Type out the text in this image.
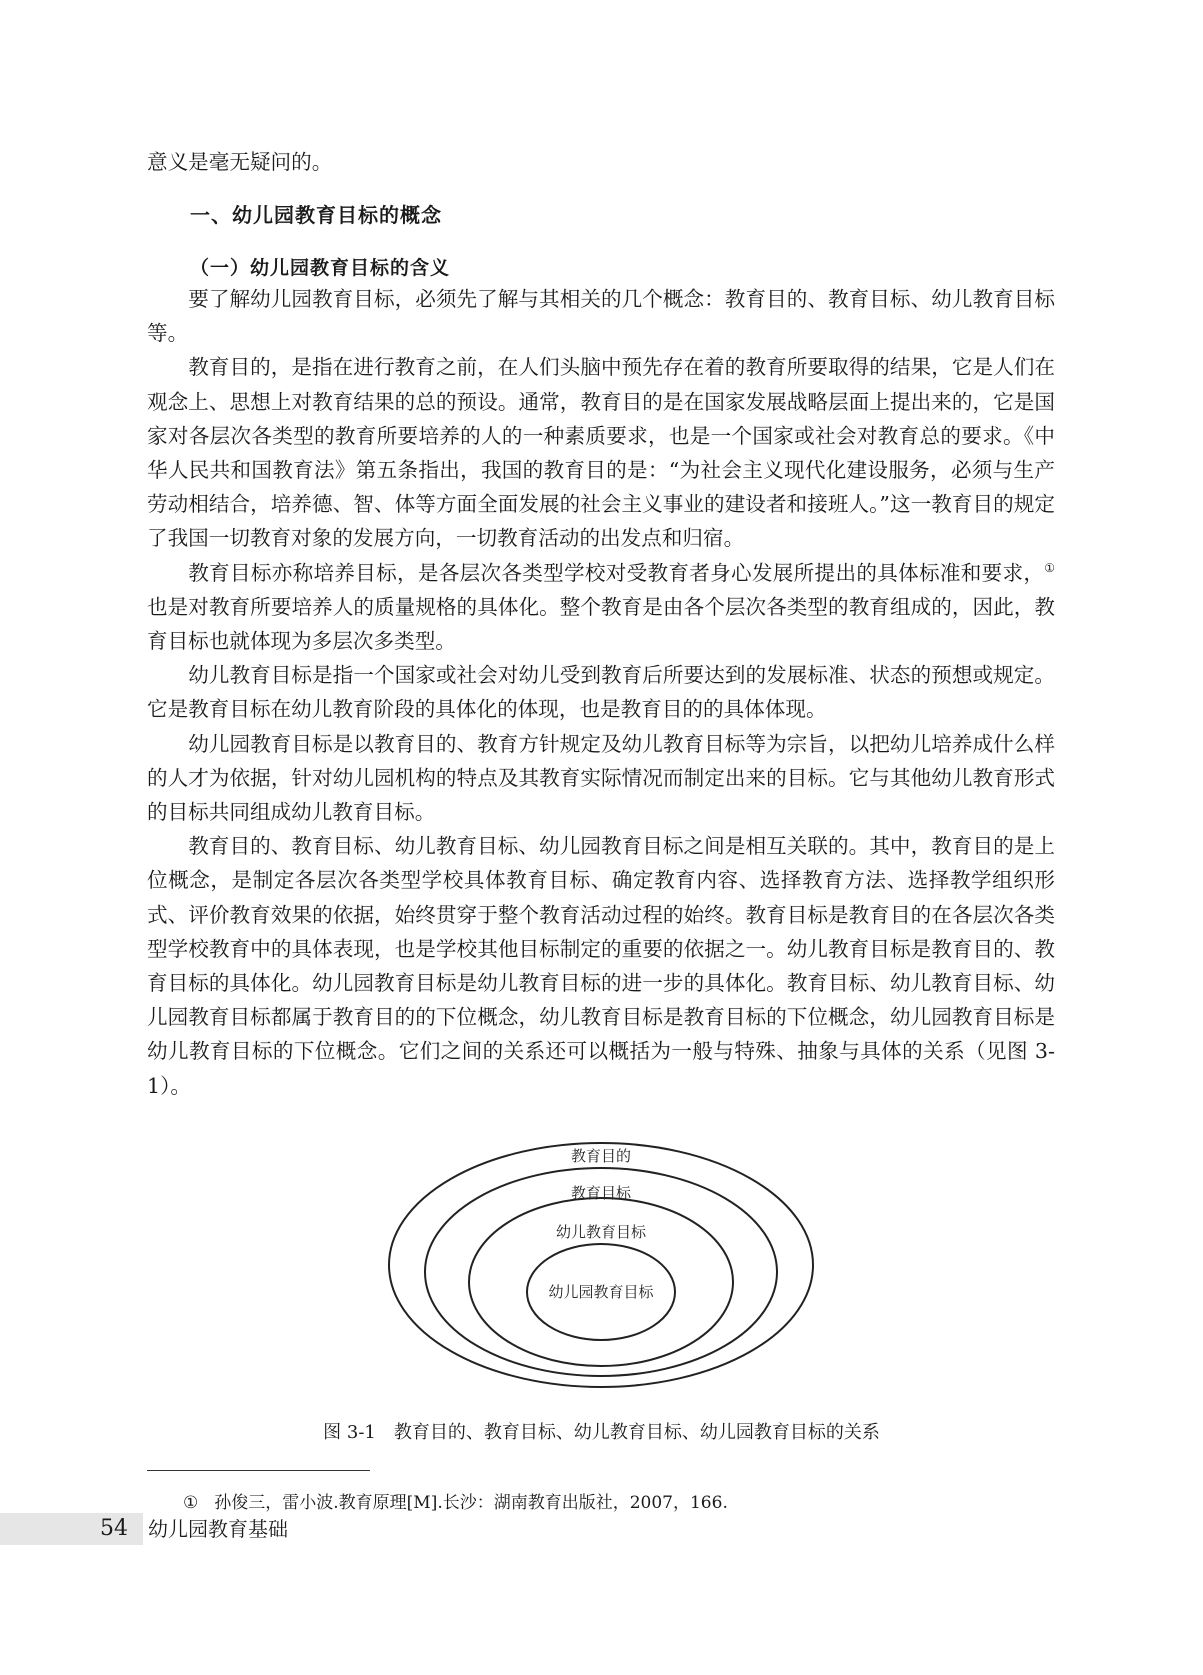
意义是毫无疑问的。

一、幼儿园教育目标的概念
（一）幼儿园教育目标的含义

要了解幼儿园教育目标，必须先了解与其相关的几个概念：教育目的、教育目标、幼儿教育目标等。

教育目的，是指在进行教育之前，在人们头脑中预先存在着的教育所要取得的结果，它是人们在观念上、思想上对教育结果的总的预设。通常，教育目的是在国家发展战略层面上提出来的，它是国家对各层次各类型的教育所要培养的人的一种素质要求，也是一个国家或社会对教育总的要求。《中华人民共和国教育法》第五条指出，我国的教育目的是：“为社会主义现代化建设服务，必须与生产劳动相结合，培养德、智、体等方面全面发展的社会主义事业的建设者和接班人。”这一教育目的规定了我国一切教育对象的发展方向，一切教育活动的出发点和归宿。

教育目标亦称培养目标，是各层次各类型学校对受教育者身心发展所提出的具体标准和要求，①也是对教育所要培养人的质量规格的具体化。整个教育是由各个层次各类型的教育组成的，因此，教育目标也就体现为多层次多类型。

幼儿教育目标是指一个国家或社会对幼儿受到教育后所要达到的发展标准、状态的预想或规定。它是教育目标在幼儿教育阶段的具体化的体现，也是教育目的的具体体现。

幼儿园教育目标是以教育目的、教育方针规定及幼儿教育目标等为宗旨，以把幼儿培养成什么样的人才为依据，针对幼儿园机构的特点及其教育实际情况而制定出来的目标。它与其他幼儿教育形式的目标共同组成幼儿教育目标。

教育目的、教育目标、幼儿教育目标、幼儿园教育目标之间是相互关联的。其中，教育目的是上位概念，是制定各层次各类型学校具体教育目标、确定教育内容、选择教育方法、选择教学组织形式、评价教育效果的依据，始终贯穿于整个教育活动过程的始终。教育目标是教育目的在各层次各类型学校教育中的具体表现，也是学校其他目标制定的重要的依据之一。幼儿教育目标是教育目的、教育目标的具体化。幼儿园教育目标是幼儿教育目标的进一步的具体化。教育目标、幼儿教育目标、幼儿园教育目标都属于教育目的的下位概念，幼儿教育目标是教育目标的下位概念，幼儿园教育目标是幼儿教育目标的下位概念。它们之间的关系还可以概括为一般与特殊、抽象与具体的关系（见图 3-1）。

教育目的
教育目标
幼儿教育目标
幼儿园教育目标
图 3-1　教育目的、教育目标、幼儿教育目标、幼儿园教育目标的关系
① 孙俊三，雷小波.教育原理[M].长沙：湖南教育出版社，2007，166.
54 幼儿园教育基础
